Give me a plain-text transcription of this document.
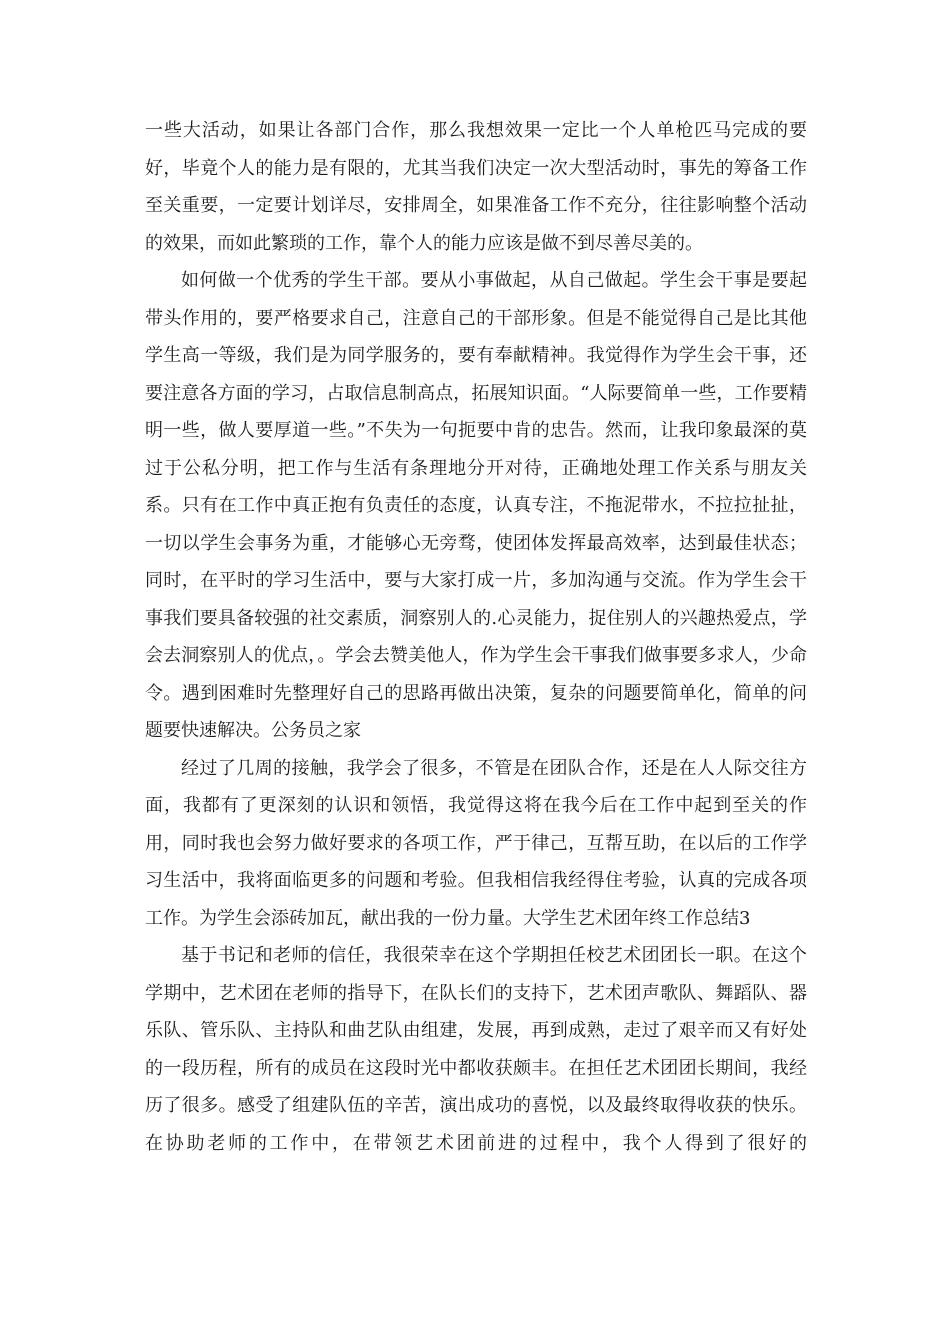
一些大活动，如果让各部门合作，那么我想效果一定比一个人单枪匹马完成的要好，毕竟个人的能力是有限的，尤其当我们决定一次大型活动时，事先的筹备工作至关重要，一定要计划详尽，安排周全，如果准备工作不充分，往往影响整个活动的效果，而如此繁琐的工作，靠个人的能力应该是做不到尽善尽美的。

如何做一个优秀的学生干部。要从小事做起，从自己做起。学生会干事是要起带头作用的，要严格要求自己，注意自己的干部形象。但是不能觉得自己是比其他学生高一等级，我们是为同学服务的，要有奉献精神。我觉得作为学生会干事，还要注意各方面的学习，占取信息制高点，拓展知识面。“人际要简单一些，工作要精明一些，做人要厚道一些。”不失为一句扼要中肯的忠告。然而，让我印象最深的莫过于公私分明，把工作与生活有条理地分开对待，正确地处理工作关系与朋友关系。只有在工作中真正抱有负责任的态度，认真专注，不拖泥带水，不拉拉扯扯，一切以学生会事务为重，才能够心无旁骛，使团体发挥最高效率，达到最佳状态；同时，在平时的学习生活中，要与大家打成一片，多加沟通与交流。作为学生会干事我们要具备较强的社交素质，洞察别人的.心灵能力，捉住别人的兴趣热爱点，学会去洞察别人的优点，。学会去赞美他人，作为学生会干事我们做事要多求人，少命令。遇到困难时先整理好自己的思路再做出决策，复杂的问题要简单化，简单的问题要快速解决。公务员之家

经过了几周的接触，我学会了很多，不管是在团队合作，还是在人人际交往方面，我都有了更深刻的认识和领悟，我觉得这将在我今后在工作中起到至关的作用，同时我也会努力做好要求的各项工作，严于律己，互帮互助，在以后的工作学习生活中，我将面临更多的问题和考验。但我相信我经得住考验，认真的完成各项工作。为学生会添砖加瓦，献出我的一份力量。大学生艺术团年终工作总结3

基于书记和老师的信任，我很荣幸在这个学期担任校艺术团团长一职。在这个学期中，艺术团在老师的指导下，在队长们的支持下，艺术团声歌队、舞蹈队、器乐队、管乐队、主持队和曲艺队由组建，发展，再到成熟，走过了艰辛而又有好处的一段历程，所有的成员在这段时光中都收获颇丰。在担任艺术团团长期间，我经历了很多。感受了组建队伍的辛苦，演出成功的喜悦，以及最终取得收获的快乐。在协助老师的工作中，在带领艺术团前进的过程中，我个人得到了很好的
